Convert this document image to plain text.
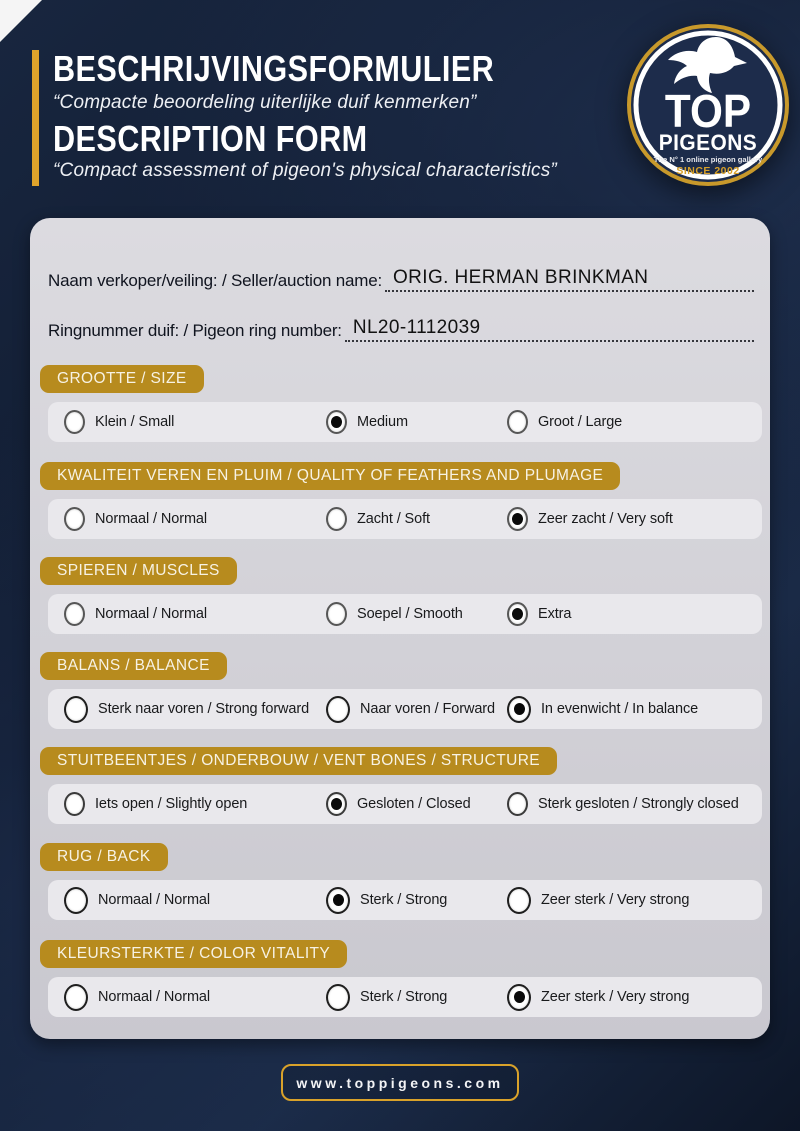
BESCHRIJVINGSFORMULIER
“Compacte beoordeling uiterlijke duif kenmerken”
DESCRIPTION FORM
“Compact assessment of pigeon's physical characteristics”
TOP
PIGEONS
The N° 1 online pigeon gallery
SINCE 2002
Naam verkoper/veiling: / Seller/auction name: ORIG. HERMAN BRINKMAN
Ringnummer duif: / Pigeon ring number: NL20-1112039
GROOTTE / SIZE
Klein / Small	Medium	Groot / Large
KWALITEIT VEREN EN PLUIM / QUALITY OF FEATHERS AND PLUMAGE
Normaal / Normal	Zacht / Soft	Zeer zacht / Very soft
SPIEREN / MUSCLES
Normaal / Normal	Soepel / Smooth	Extra
BALANS / BALANCE
Sterk naar voren / Strong forward	Naar voren / Forward	In evenwicht / In balance
STUITBEENTJES / ONDERBOUW / VENT BONES / STRUCTURE
Iets open / Slightly open	Gesloten / Closed	Sterk gesloten / Strongly closed
RUG / BACK
Normaal / Normal	Sterk / Strong	Zeer sterk / Very strong
KLEURSTERKTE / COLOR VITALITY
Normaal / Normal	Sterk / Strong	Zeer sterk / Very strong
www.toppigeons.com
